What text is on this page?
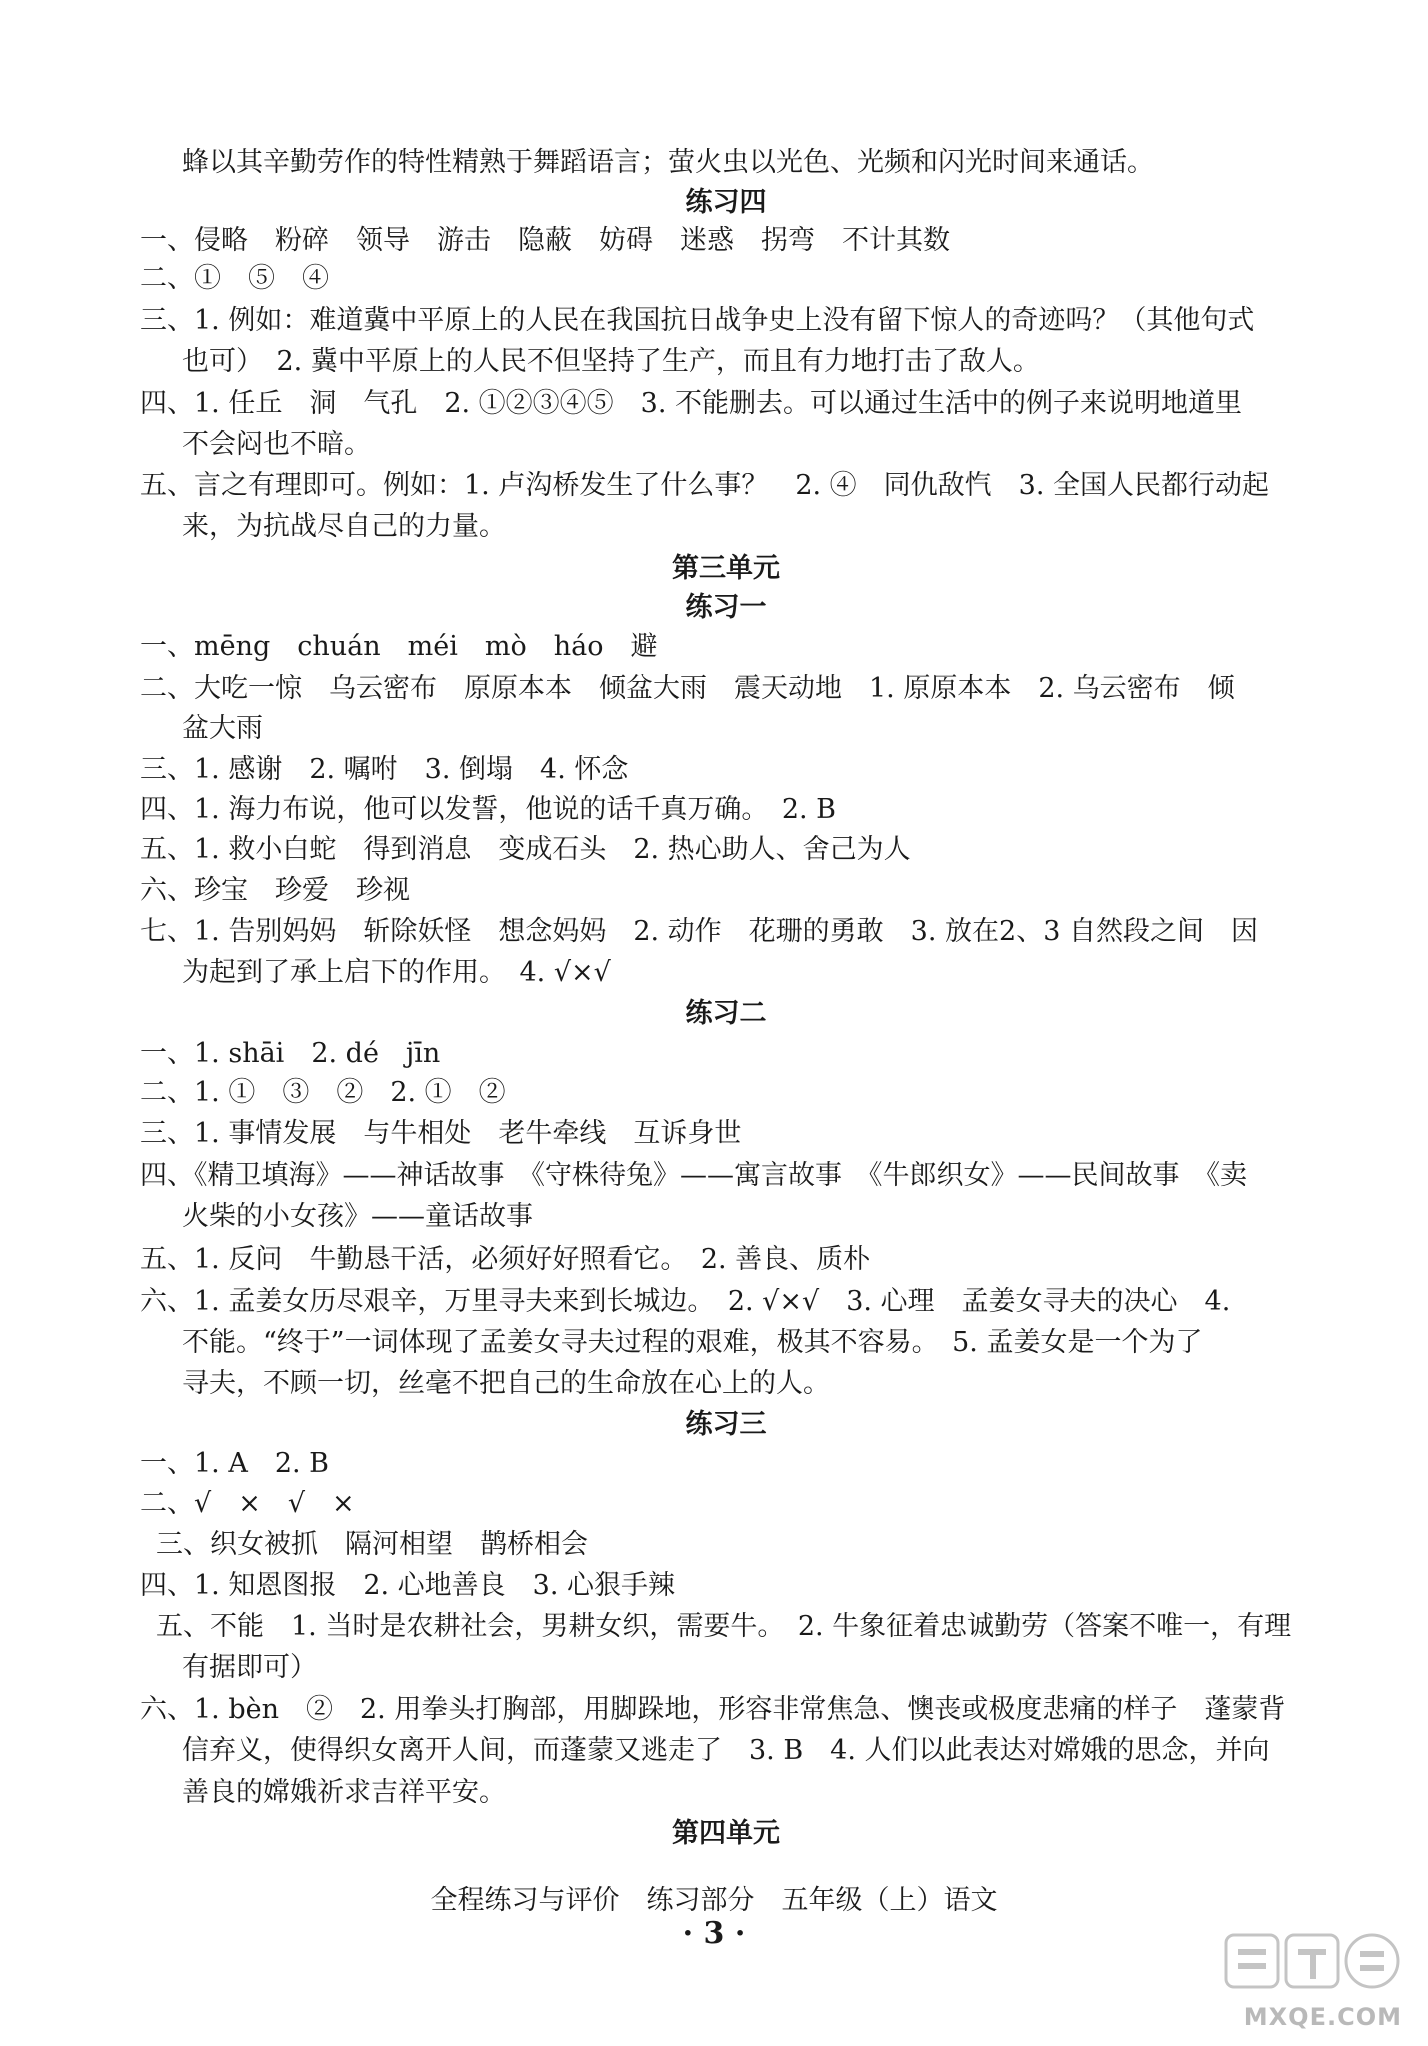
蜂以其辛勤劳作的特性精熟于舞蹈语言；萤火虫以光色、光频和闪光时间来通话。
练习四
一、侵略　粉碎　领导　游击　隐蔽　妨碍　迷惑　拐弯　不计其数
二、①　⑤　④
三、1. 例如：难道冀中平原上的人民在我国抗日战争史上没有留下惊人的奇迹吗？（其他句式
也可）　2. 冀中平原上的人民不但坚持了生产，而且有力地打击了敌人。
四、1. 任丘　洞　气孔　2. ①②③④⑤　3. 不能删去。可以通过生活中的例子来说明地道里
不会闷也不暗。
五、言之有理即可。例如：1. 卢沟桥发生了什么事？　2. ④　同仇敌忾　3. 全国人民都行动起
来，为抗战尽自己的力量。
第三单元
练习一
一、mēng　chuán　méi　mò　háo　避
二、大吃一惊　乌云密布　原原本本　倾盆大雨　震天动地　1. 原原本本　2. 乌云密布　倾
盆大雨
三、1. 感谢　2. 嘱咐　3. 倒塌　4. 怀念
四、1. 海力布说，他可以发誓，他说的话千真万确。　2. B
五、1. 救小白蛇　得到消息　变成石头　2. 热心助人、舍己为人
六、珍宝　珍爱　珍视
七、1. 告别妈妈　斩除妖怪　想念妈妈　2. 动作　花珊的勇敢　3. 放在2、3 自然段之间　因
为起到了承上启下的作用。　4. √×√
练习二
一、1. shāi　2. dé　jīn
二、1. ①　③　②　2. ①　②
三、1. 事情发展　与牛相处　老牛牵线　互诉身世
四、《精卫填海》——神话故事　《守株待兔》——寓言故事　《牛郎织女》——民间故事　《卖
火柴的小女孩》——童话故事
五、1. 反问　牛勤恳干活，必须好好照看它。　2. 善良、质朴
六、1. 孟姜女历尽艰辛，万里寻夫来到长城边。　2. √×√　3. 心理　孟姜女寻夫的决心　4.
不能。“终于”一词体现了孟姜女寻夫过程的艰难，极其不容易。　5. 孟姜女是一个为了
寻夫，不顾一切，丝毫不把自己的生命放在心上的人。
练习三
一、1. A　2. B
二、√　×　√　×
三、织女被抓　隔河相望　鹊桥相会
四、1. 知恩图报　2. 心地善良　3. 心狠手辣
五、不能　1. 当时是农耕社会，男耕女织，需要牛。　2. 牛象征着忠诚勤劳（答案不唯一，有理
有据即可）
六、1. bèn　②　2. 用拳头打胸部，用脚跺地，形容非常焦急、懊丧或极度悲痛的样子　蓬蒙背
信弃义，使得织女离开人间，而蓬蒙又逃走了　3. B　4. 人们以此表达对嫦娥的思念，并向
善良的嫦娥祈求吉祥平安。
第四单元
全程练习与评价　练习部分　五年级（上）语文
· 3 ·
MXQE.COM
